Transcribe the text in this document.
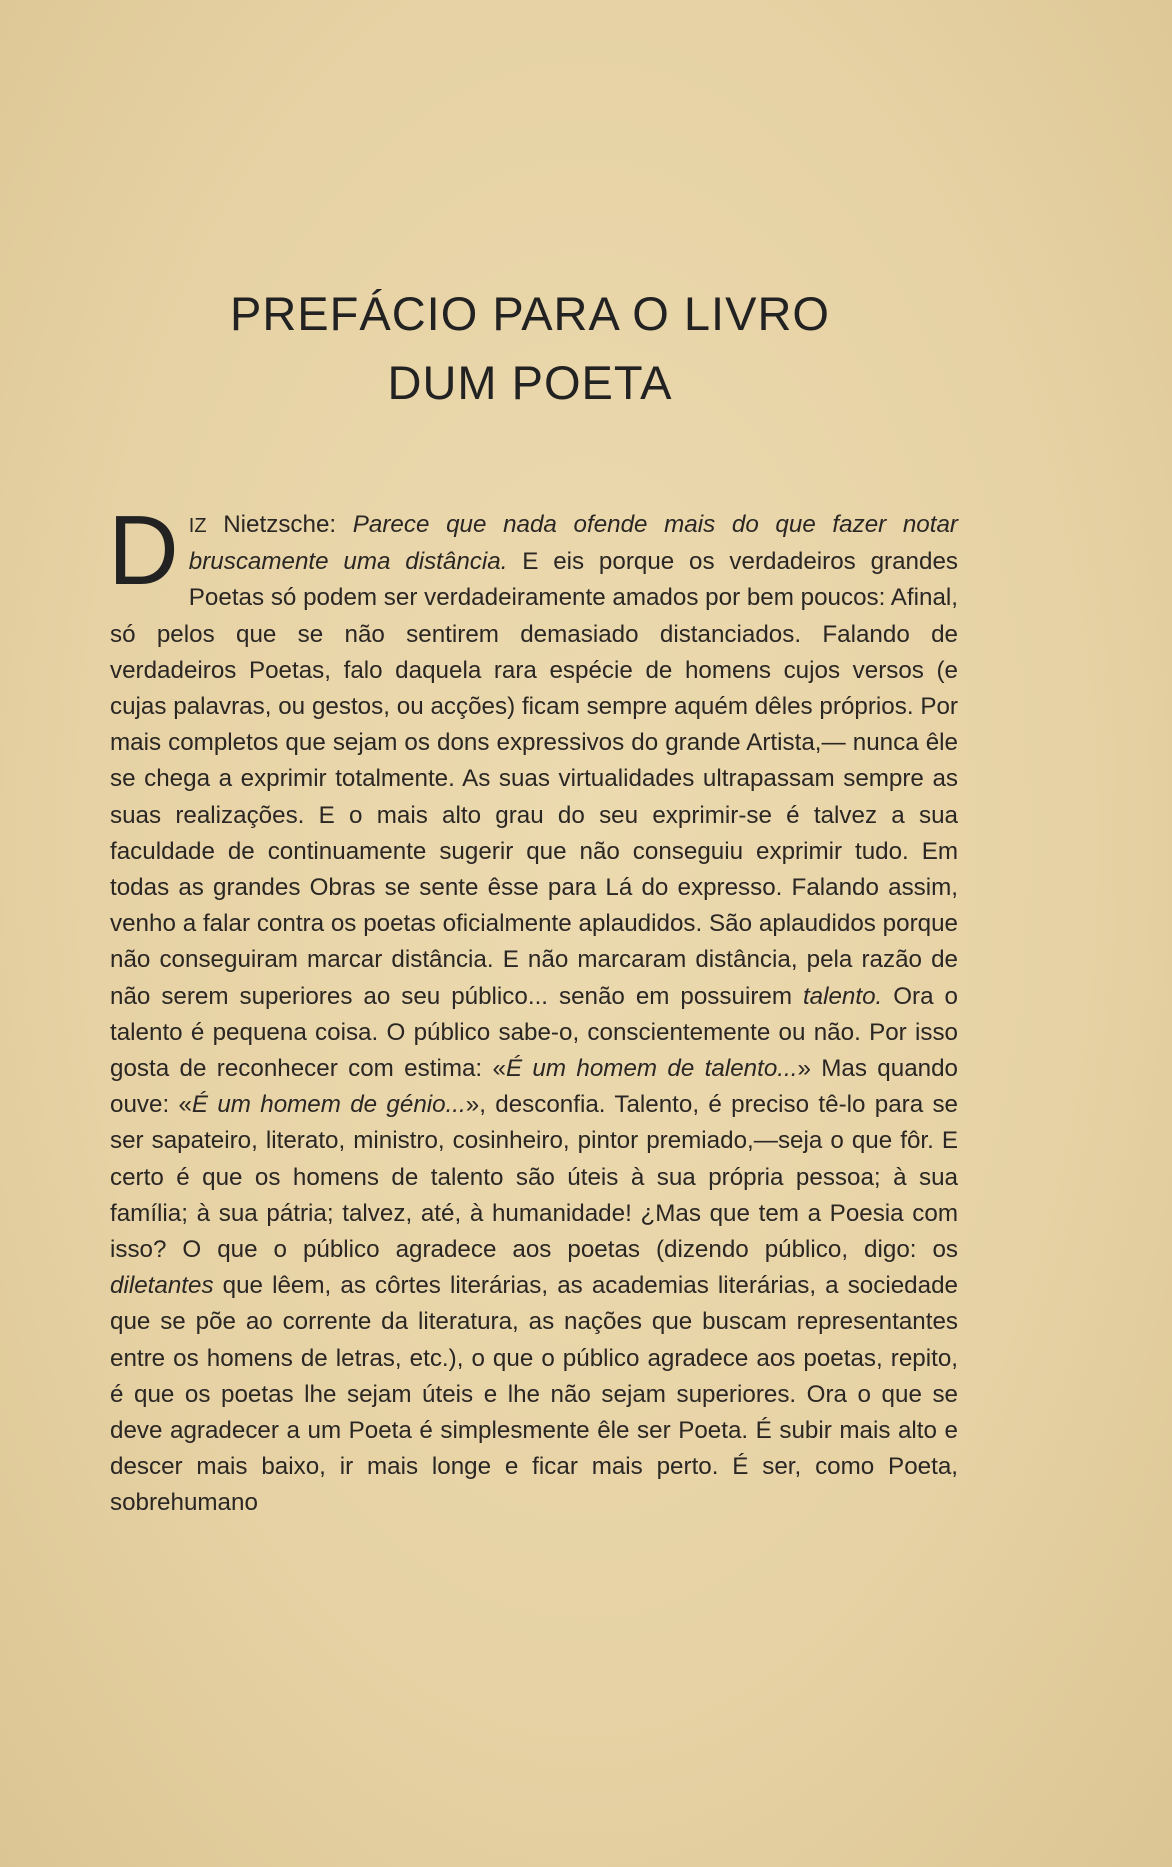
PREFÁCIO PARA O LIVRO
DUM POETA

DIZ Nietzsche: Parece que nada ofende mais do que fazer notar bruscamente uma distância. E eis porque os verdadeiros grandes Poetas só podem ser verdadeiramente amados por bem poucos: Afinal, só pelos que se não sentirem demasiado distanciados. Falando de verdadeiros Poetas, falo daquela rara espécie de homens cujos versos (e cujas palavras, ou gestos, ou acções) ficam sempre aquém dêles próprios. Por mais completos que sejam os dons expressivos do grande Artista,— nunca êle se chega a exprimir totalmente. As suas virtualidades ultrapassam sempre as suas realizações. E o mais alto grau do seu exprimir-se é talvez a sua faculdade de continuamente sugerir que não conseguiu exprimir tudo. Em todas as grandes Obras se sente êsse para Lá do expresso. Falando assim, venho a falar contra os poetas oficialmente aplaudidos. São aplaudidos porque não conseguiram marcar distância. E não marcaram distância, pela razão de não serem superiores ao seu público... senão em possuirem talento. Ora o talento é pequena coisa. O público sabe-o, conscientemente ou não. Por isso gosta de reconhecer com estima: «É um homem de talento...» Mas quando ouve: «É um homem de génio...», desconfia. Talento, é preciso tê-lo para se ser sapateiro, literato, ministro, cosinheiro, pintor premiado,—seja o que fôr. E certo é que os homens de talento são úteis à sua própria pessoa; à sua família; à sua pátria; talvez, até, à humanidade! ¿Mas que tem a Poesia com isso? O que o público agradece aos poetas (dizendo público, digo: os diletantes que lêem, as côrtes literárias, as academias literárias, a sociedade que se põe ao corrente da literatura, as nações que buscam representantes entre os homens de letras, etc.), o que o público agradece aos poetas, repito, é que os poetas lhe sejam úteis e lhe não sejam superiores. Ora o que se deve agradecer a um Poeta é simplesmente êle ser Poeta. É subir mais alto e descer mais baixo, ir mais longe e ficar mais perto. É ser, como Poeta, sobrehumano
